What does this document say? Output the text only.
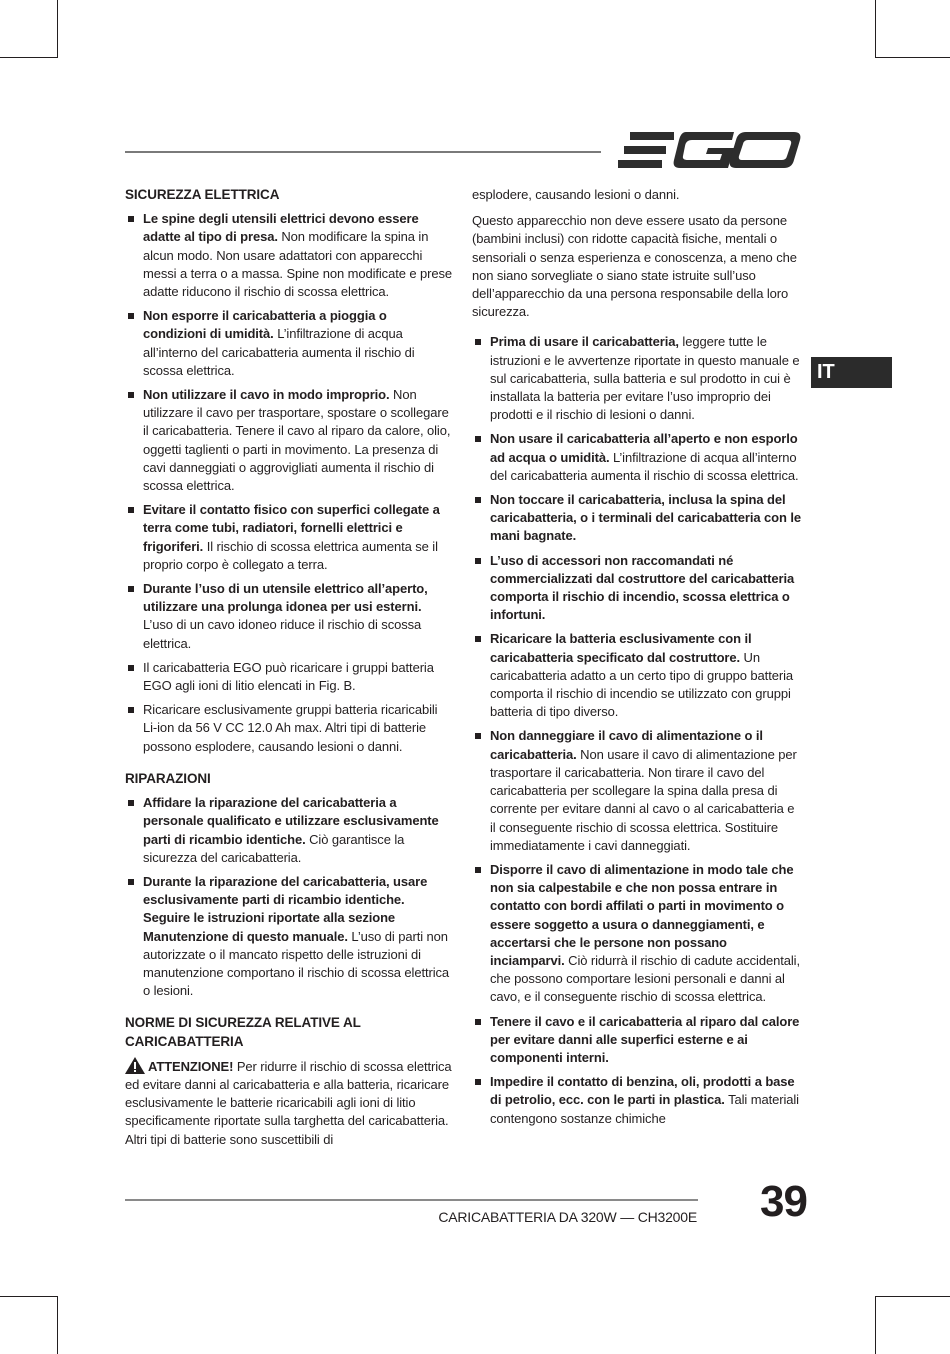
IT
SICUREZZA ELETTRICA
Le spine degli utensili elettrici devono essere adatte al tipo di presa. Non modificare la spina in alcun modo. Non usare adattatori con apparecchi messi a terra o a massa. Spine non modificate e prese adatte riducono il rischio di scossa elettrica.
Non esporre il caricabatteria a pioggia o condizioni di umidità. L’infiltrazione di acqua all’interno del caricabatteria aumenta il rischio di scossa elettrica.
Non utilizzare il cavo in modo improprio. Non utilizzare il cavo per trasportare, spostare o scollegare il caricabatteria. Tenere il cavo al riparo da calore, olio, oggetti taglienti o parti in movimento. La presenza di cavi danneggiati o aggrovigliati aumenta il rischio di scossa elettrica.
Evitare il contatto fisico con superfici collegate a terra come tubi, radiatori, fornelli elettrici e frigoriferi. Il rischio di scossa elettrica aumenta se il proprio corpo è collegato a terra.
Durante l’uso di un utensile elettrico all’aperto, utilizzare una prolunga idonea per usi esterni. L’uso di un cavo idoneo riduce il rischio di scossa elettrica.
Il caricabatteria EGO può ricaricare i gruppi batteria EGO agli ioni di litio elencati in Fig. B.
Ricaricare esclusivamente gruppi batteria ricaricabili Li-ion da 56 V CC 12.0 Ah max. Altri tipi di batterie possono esplodere, causando lesioni o danni.
RIPARAZIONI
Affidare la riparazione del caricabatteria a personale qualificato e utilizzare esclusivamente parti di ricambio identiche. Ciò garantisce la sicurezza del caricabatteria.
Durante la riparazione del caricabatteria, usare esclusivamente parti di ricambio identiche. Seguire le istruzioni riportate alla sezione Manutenzione di questo manuale. L’uso di parti non autorizzate o il mancato rispetto delle istruzioni di manutenzione comportano il rischio di scossa elettrica o lesioni.
NORME DI SICUREZZA RELATIVE AL CARICABATTERIA

ATTENZIONE! Per ridurre il rischio di scossa elettrica ed evitare danni al caricabatteria e alla batteria, ricaricare esclusivamente le batterie ricaricabili agli ioni di litio specificamente riportate sulla targhetta del caricabatteria. Altri tipi di batterie sono suscettibili di

esplodere, causando lesioni o danni.

Questo apparecchio non deve essere usato da persone (bambini inclusi) con ridotte capacità fisiche, mentali o sensoriali o senza esperienza e conoscenza, a meno che non siano sorvegliate o siano state istruite sull’uso dell’apparecchio da una persona responsabile della loro sicurezza.

Prima di usare il caricabatteria, leggere tutte le istruzioni e le avvertenze riportate in questo manuale e sul caricabatteria, sulla batteria e sul prodotto in cui è installata la batteria per evitare l’uso improprio dei prodotti e il rischio di lesioni o danni.
Non usare il caricabatteria all’aperto e non esporlo ad acqua o umidità. L’infiltrazione di acqua all’interno del caricabatteria aumenta il rischio di scossa elettrica.
Non toccare il caricabatteria, inclusa la spina del caricabatteria, o i terminali del caricabatteria con le mani bagnate.
L’uso di accessori non raccomandati né commercializzati dal costruttore del caricabatteria comporta il rischio di incendio, scossa elettrica o infortuni.
Ricaricare la batteria esclusivamente con il caricabatteria specificato dal costruttore. Un caricabatteria adatto a un certo tipo di gruppo batteria comporta il rischio di incendio se utilizzato con gruppi batteria di tipo diverso.
Non danneggiare il cavo di alimentazione o il caricabatteria. Non usare il cavo di alimentazione per trasportare il caricabatteria. Non tirare il cavo del caricabatteria per scollegare la spina dalla presa di corrente per evitare danni al cavo o al caricabatteria e il conseguente rischio di scossa elettrica. Sostituire immediatamente i cavi danneggiati.
Disporre il cavo di alimentazione in modo tale che non sia calpestabile e che non possa entrare in contatto con bordi affilati o parti in movimento o essere soggetto a usura o danneggiamenti, e accertarsi che le persone non possano inciamparvi. Ciò ridurrà il rischio di cadute accidentali, che possono comportare lesioni personali e danni al cavo, e il conseguente rischio di scossa elettrica.
Tenere il cavo e il caricabatteria al riparo dal calore per evitare danni alle superfici esterne e ai componenti interni.
Impedire il contatto di benzina, oli, prodotti a base di petrolio, ecc. con le parti in plastica. Tali materiali contengono sostanze chimiche
CARICABATTERIA DA 320W — CH3200E 39
